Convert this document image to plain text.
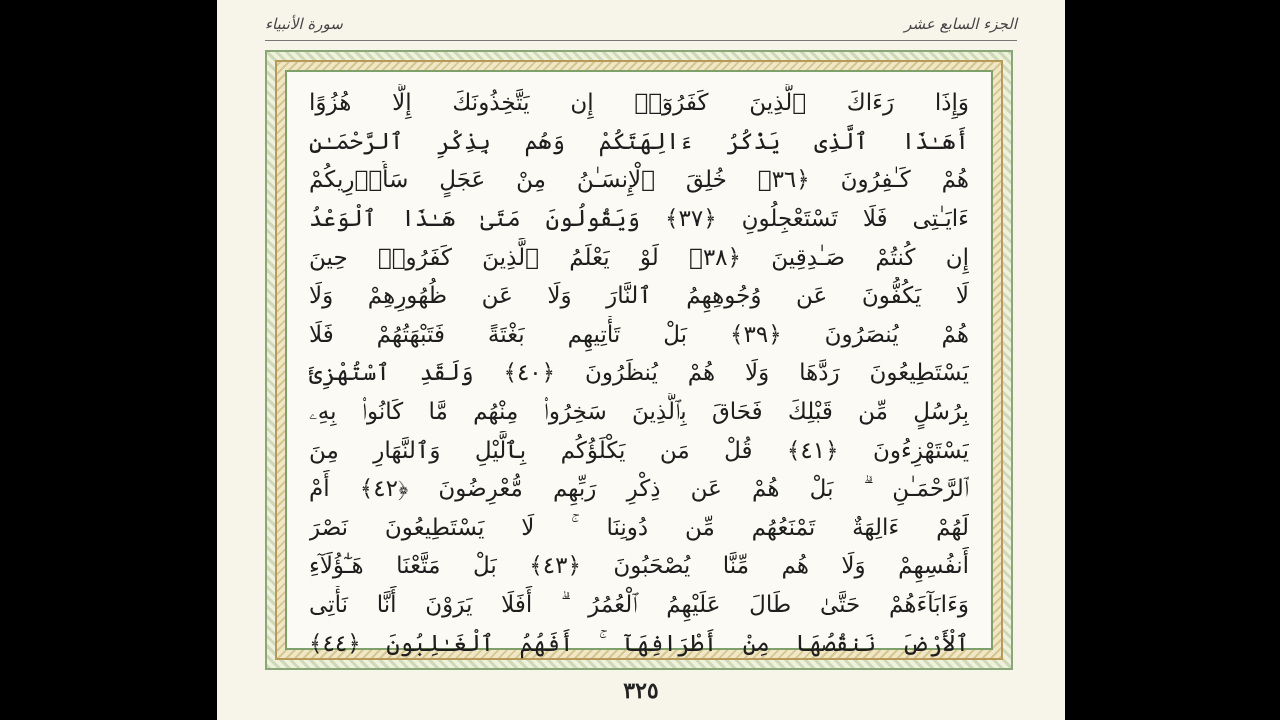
سورة الأنبياء	الجزء السابع عشر
وَإِذَا رَءَاكَ ٱلَّذِينَ كَفَرُوٓا۟ إِن يَتَّخِذُونَكَ إِلَّا هُزُوًا
أَهَـٰذَا ٱلَّذِى يَذْكُرُ ءَالِهَتَكُمْ وَهُم بِذِكْرِ ٱلرَّحْمَـٰنِ
هُمْ كَـٰفِرُونَ ﴿٣٦﴾ خُلِقَ ٱلْإِنسَـٰنُ مِنْ عَجَلٍ سَأُو۟رِيكُمْ
ءَايَـٰتِى فَلَا تَسْتَعْجِلُونِ ﴿٣٧﴾ وَيَقُولُونَ مَتَىٰ هَـٰذَا ٱلْوَعْدُ
إِن كُنتُمْ صَـٰدِقِينَ ﴿٣٨﴾ لَوْ يَعْلَمُ ٱلَّذِينَ كَفَرُوا۟ حِينَ
لَا يَكُفُّونَ عَن وُجُوهِهِمُ ٱلنَّارَ وَلَا عَن ظُهُورِهِمْ وَلَا
هُمْ يُنصَرُونَ ﴿٣٩﴾ بَلْ تَأْتِيهِم بَغْتَةً فَتَبْهَتُهُمْ فَلَا
يَسْتَطِيعُونَ رَدَّهَا وَلَا هُمْ يُنظَرُونَ ﴿٤٠﴾ وَلَقَدِ ٱسْتُهْزِئَ
بِرُسُلٍ مِّن قَبْلِكَ فَحَاقَ بِٱلَّذِينَ سَخِرُوا۟ مِنْهُم مَّا كَانُوا۟ بِهِۦ
يَسْتَهْزِءُونَ ﴿٤١﴾ قُلْ مَن يَكْلَؤُكُم بِٱلَّيْلِ وَٱلنَّهَارِ مِنَ
ٱلرَّحْمَـٰنِ ۗ بَلْ هُمْ عَن ذِكْرِ رَبِّهِم مُّعْرِضُونَ ﴿٤٢﴾ أَمْ
لَهُمْ ءَالِهَةٌ تَمْنَعُهُم مِّن دُونِنَا ۚ لَا يَسْتَطِيعُونَ نَصْرَ
أَنفُسِهِمْ وَلَا هُم مِّنَّا يُصْحَبُونَ ﴿٤٣﴾ بَلْ مَتَّعْنَا هَـٰٓؤُلَآءِ
وَءَابَآءَهُمْ حَتَّىٰ طَالَ عَلَيْهِمُ ٱلْعُمُرُ ۗ أَفَلَا يَرَوْنَ أَنَّا نَأْتِى
ٱلْأَرْضَ نَنقُصُهَا مِنْ أَطْرَافِهَآ ۚ أَفَهُمُ ٱلْغَـٰلِبُونَ ﴿٤٤﴾
٣٢٥
